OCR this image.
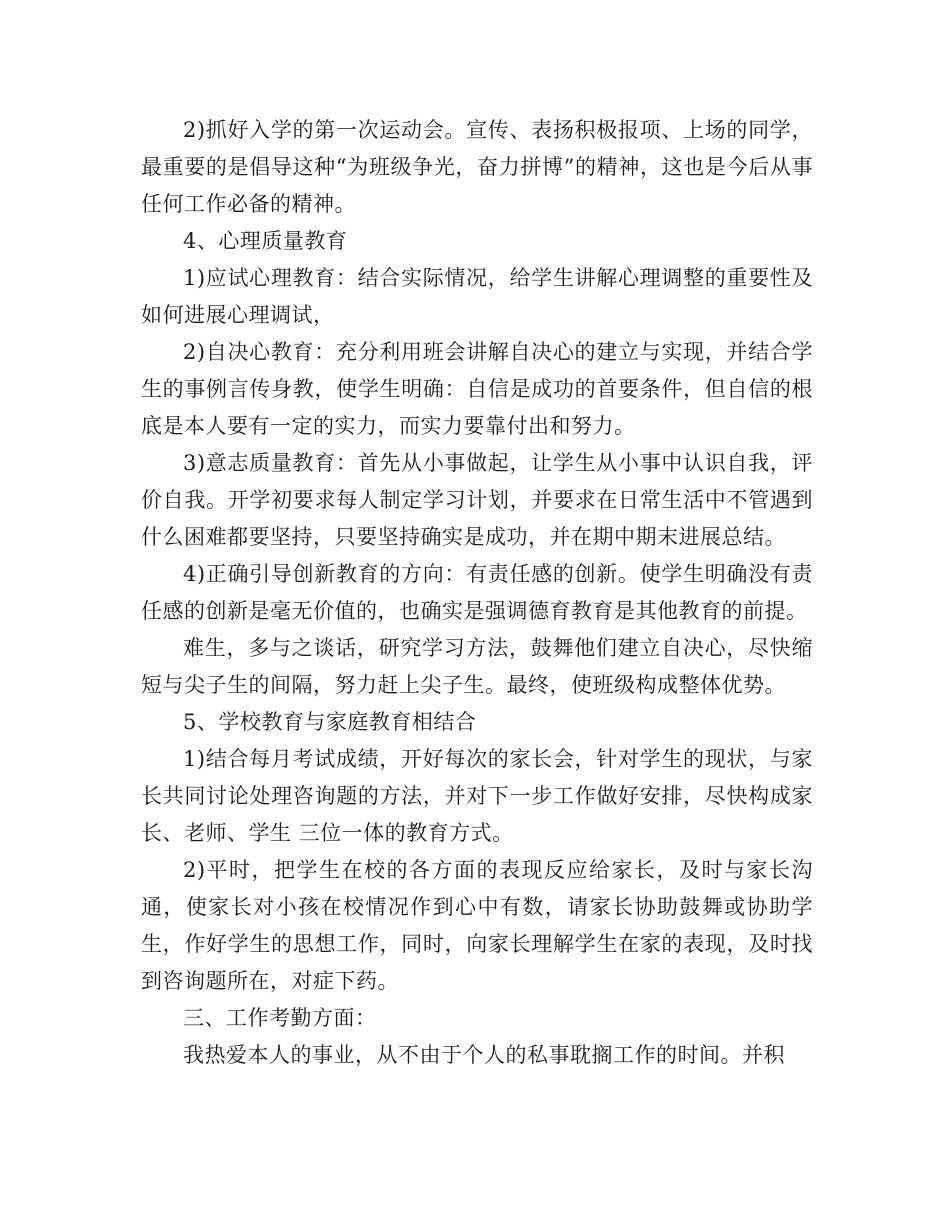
2)抓好入学的第一次运动会。宣传、表扬积极报项、上场的同学，最重要的是倡导这种“为班级争光，奋力拼博”的精神，这也是今后从事任何工作必备的精神。

4、心理质量教育

1)应试心理教育：结合实际情况，给学生讲解心理调整的重要性及如何进展心理调试，

2)自决心教育：充分利用班会讲解自决心的建立与实现，并结合学生的事例言传身教，使学生明确：自信是成功的首要条件，但自信的根底是本人要有一定的实力，而实力要靠付出和努力。

3)意志质量教育：首先从小事做起，让学生从小事中认识自我，评价自我。开学初要求每人制定学习计划，并要求在日常生活中不管遇到什么困难都要坚持，只要坚持确实是成功，并在期中期末进展总结。

4)正确引导创新教育的方向：有责任感的创新。使学生明确没有责任感的创新是毫无价值的，也确实是强调德育教育是其他教育的前提。

难生，多与之谈话，研究学习方法，鼓舞他们建立自决心，尽快缩短与尖子生的间隔，努力赶上尖子生。最终，使班级构成整体优势。

5、学校教育与家庭教育相结合

1)结合每月考试成绩，开好每次的家长会，针对学生的现状，与家长共同讨论处理咨询题的方法，并对下一步工作做好安排，尽快构成家长、老师、学生 三位一体的教育方式。

2)平时，把学生在校的各方面的表现反应给家长，及时与家长沟通，使家长对小孩在校情况作到心中有数，请家长协助鼓舞或协助学生，作好学生的思想工作，同时，向家长理解学生在家的表现，及时找到咨询题所在，对症下药。

三、工作考勤方面：

我热爱本人的事业，从不由于个人的私事耽搁工作的时间。并积
